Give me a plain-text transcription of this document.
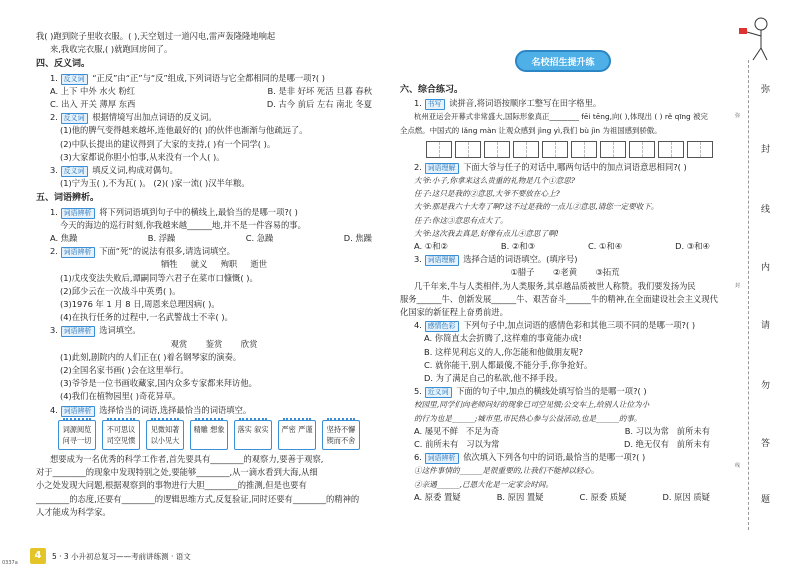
我( )跑到院子里收衣服。( ),天空划过一道闪电,雷声轰隆隆地响起
来,我收完衣服,( )就跑回房间了。
四、反义词。
1. 反义词 “正反”由“正”与“反”组成,下列词语与它全都相同的是哪一项?( )
A. 上下 中外 水火 粉红	B. 是非 好坏 死活 旦暮 春秋
C. 出入 开关 薄厚 东西	D. 古今 前后 左右 南北 冬夏
2. 反义词 根据情境写出加点词语的反义词。
(1)他的脾气变得越来越坏,连他最好的( )的伙伴也渐渐与他疏远了。
(2)中队长提出的建议得到了大家的支持,( )有一个同学( )。
(3)大家都说你胆小怕事,从来没有一个人( )。
3. 反义词 填反义词,构成对偶句。
(1)宁为玉( ),不为瓦( )。 (2)( )家一流( )汉半年粮。
五、词语辨析。
1. 词语辨析 将下列词语填到句子中的横线上,最恰当的是哪一项?( )
今天的海边的巡行时刻,你我越来越______地,并不是一件容易的事。
A. 焦躁	B. 浮躁	C. 急躁	D. 焦躁
2. 词语辨析 下面“死”的说法有很多,请选词填空。
牺牲 就义 殉职 逝世
(1)戊戌变法失败后,谭嗣同等六君子在菜市口慷慨( )。
(2)邱少云在一次战斗中英勇( )。
(3)1976 年 1 月 8 日,周恩来总理因病( )。
(4)在执行任务的过程中,一名武警战士不幸( )。
3. 词语辨析 选词填空。
观赏 鉴赏 欣赏
(1)此刻,剧院内的人们正在( )着名钢琴家的演奏。
(2)全国名家书画( )会在这里举行。
(3)爷爷是一位书画收藏家,国内众多专家都来拜访他。
(4)我们在植物园里( )奇花异草。
4. 词语辨析 选择恰当的词语,选择最恰当的词语填空。
词源阅览 问寻一切
不可思议 司空见惯
见微知著 以小见大
精雕 想象	落实 叙实	严密 严谨	坚持不懈 锲而不舍
想要成为一名优秀的科学工作者,首先要具有________的观察力,要善于观察,
对于________的现象中发现特别之处,要能够________,从一滴水看到大海,从细
小之处发现大问题,根据观察到的事物进行大胆________的推测,但是也要有
________的态度,还要有________的逻辑思维方式,反复验证,同时还要有________的精神的
人才能成为科学家。
名校招生提升练
六、综合练习。
1. 书写 读拼音,将词语按顺序工整写在田字格里。
杭州亚运会开幕式非常盛大,国际形象真正________ fēi tēng,向( ),体现出 ( ) rě qīng 被完
全点燃。中国式的 lǎng màn 让观众感到 jìng yì,我们 bù jìn 为祖国感到骄傲。
2. 词语理解 下面大爷与任子的对话中,哪两句话中的加点词语意思相同?( )
大爷:小子,你拿来这么贵重的礼物是几个①意思?
任子:这只是我的②意思,大爷不要放在心上?
大爷:那是我六十大寿了啊?这不过是我的一点儿②意思,请您一定要收下。
任子:你这③意思有点大了。
大爷:这次我去真是,好像有点儿④意思了啊!
A. ①和②	B. ②和③	C. ①和④	D. ③和④
3. 词语理解 选择合适的词语填空。(填序号)
①腊子 ②老黄 ③拓荒
几千年来,牛与人类相伴,为人类服务,其卓越品质被世人称赞。我们要发扬为民
服务______牛、创新发展______牛、艰苦奋斗______牛的精神,在全面建设社会主义现代
化国家的新征程上奋勇前进。
4. 感情色彩 下列句子中,加点词语的感情色彩和其他三项不同的是哪一项?( )
A. 你简直太会折腾了,这样难的事竟能办成!
B. 这样见利忘义的人,你怎能和他做朋友呢?
C. 就你能干,别人都最傻,不能分手,你争抢好。
D. 为了满足自己的私欲,他不择手段。
5. 近义词 下面的句子中,加点的横线处填写恰当的是哪一项?( )
校园里,同学们向老师问好的现象已司空见惯;公交车上,给别人让位为小
的行为也是______;城市里,市民热心参与公益活动,也是______的事。
A. 屡见不鲜 不足为奇	B. 习以为常 前所未有
C. 前所未有 习以为常	D. 绝无仅有 前所未有
6. 词语辨析 依次填入下列各句中的词语,最恰当的是哪一项?( )
①这件事情的______是很重要的,让我们不能掉以轻心。
②亲遇______,已恩大化是一定家会时间。
A. 原委 置疑	B. 原因 置疑	C. 原委 质疑	D. 原因 质疑
弥
封
线
内
请
勿
答
题
弥
封
线
4	5 · 3 小升初总复习——考前讲练测 · 语文
0337a
